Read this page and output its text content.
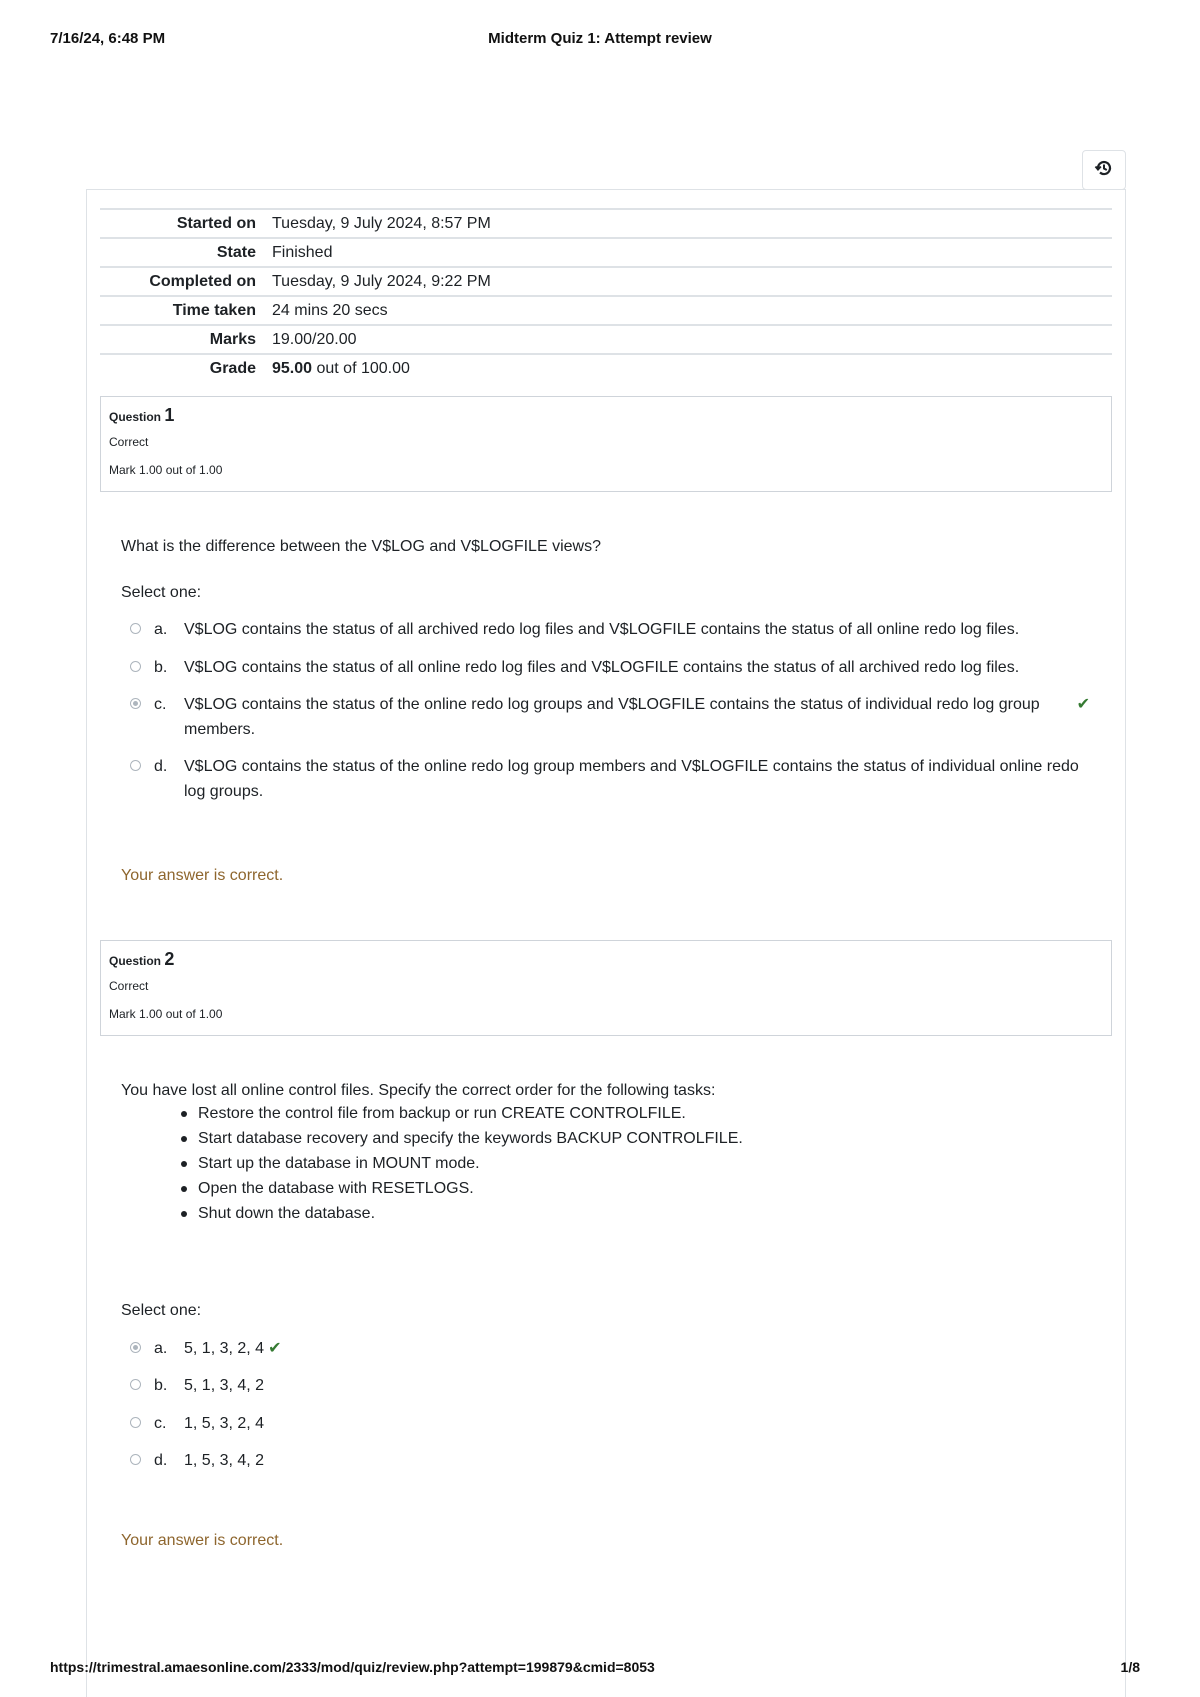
7/16/24, 6:48 PM	Midterm Quiz 1: Attempt review
Started on	Tuesday, 9 July 2024, 8:57 PM
State	Finished
Completed on	Tuesday, 9 July 2024, 9:22 PM
Time taken	24 mins 20 secs
Marks	19.00/20.00
Grade	95.00 out of 100.00
Question 1
Correct
Mark 1.00 out of 1.00
What is the difference between the V$LOG and V$LOGFILE views?
Select one:
a. V$LOG contains the status of all archived redo log files and V$LOGFILE contains the status of all online redo log files.
b. V$LOG contains the status of all online redo log files and V$LOGFILE contains the status of all archived redo log files.
c. V$LOG contains the status of the online redo log groups and V$LOGFILE contains the status of individual redo log group members.
✔
d. V$LOG contains the status of the online redo log group members and V$LOGFILE contains the status of individual online redo log groups.
Your answer is correct.
Question 2
Correct
Mark 1.00 out of 1.00
You have lost all online control files. Specify the correct order for the following tasks:
Restore the control file from backup or run CREATE CONTROLFILE.
Start database recovery and specify the keywords BACKUP CONTROLFILE.
Start up the database in MOUNT mode.
Open the database with RESETLOGS.
Shut down the database.
Select one:
a. 5, 1, 3, 2, 4 ✔
b. 5, 1, 3, 4, 2
c. 1, 5, 3, 2, 4
d. 1, 5, 3, 4, 2
Your answer is correct.
https://trimestral.amaesonline.com/2333/mod/quiz/review.php?attempt=199879&cmid=8053	1/8
